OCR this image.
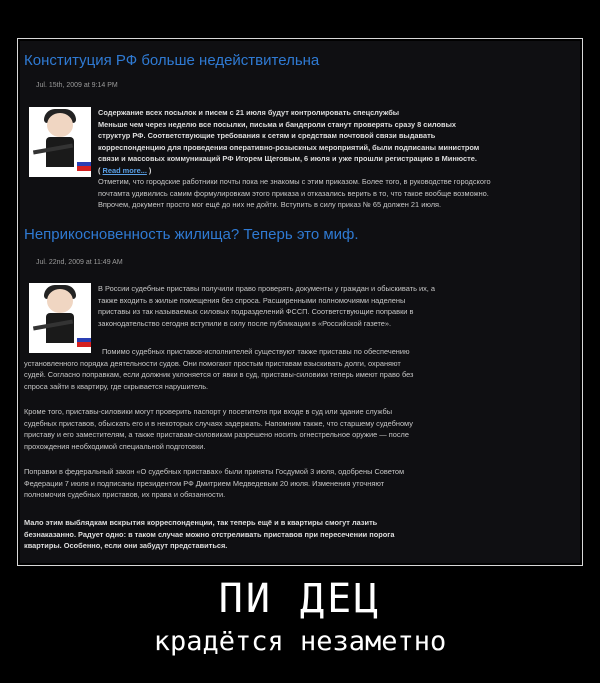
Конституция РФ больше недействительна
Jul. 15th, 2009 at 9:14 PM
Содержание всех посылок и писем с 21 июля будут контролировать спецслужбы
Меньше чем через неделю все посылки, письма и бандероли станут проверять сразу 8 силовых
структур РФ. Соответствующие требования к сетям и средствам почтовой связи выдавать
корреспонденцию для проведения оперативно-розыскных мероприятий, были подписаны министром
связи и массовых коммуникаций РФ Игорем Щеговым, 6 июля и уже прошли регистрацию в Минюсте.
( Read more... )
Отметим, что городские работники почты пока не знакомы с этим приказом. Более того, в руководстве городского
почтамта удивились самим формулировкам этого приказа и отказались верить в то, что такое вообще возможно.
Впрочем, документ просто мог ещё до них не дойти. Вступить в силу приказ № 65 должен 21 июля.
Неприкосновенность жилища? Теперь это миф.
Jul. 22nd, 2009 at 11:49 AM
В России судебные приставы получили право проверять документы у граждан и обыскивать их, а
также входить в жилые помещения без спроса. Расширенными полномочиями наделены
приставы из так называемых силовых подразделений ФССП. Соответствующие поправки в
законодательство сегодня вступили в силу после публикации в «Российской газете».
Помимо судебных приставов-исполнителей существуют также приставы по обеспечению
установленного порядка деятельности судов. Они помогают простым приставам взыскивать долги, охраняют
судей. Согласно поправкам, если должник уклоняется от явки в суд, приставы-силовики теперь имеют право без
спроса зайти в квартиру, где скрывается нарушитель.
Кроме того, приставы-силовики могут проверить паспорт у посетителя при входе в суд или здание службы
судебных приставов, обыскать его и в некоторых случаях задержать. Напомним также, что старшему судебному
приставу и его заместителям, а также приставам-силовикам разрешено носить огнестрельное оружие — после
прохождения необходимой специальной подготовки.
Поправки в федеральный закон «О судебных приставах» были приняты Госдумой 3 июля, одобрены Советом
Федерации 7 июля и подписаны президентом РФ Дмитрием Медведевым 20 июля. Изменения уточняют
полномочия судебных приставов, их права и обязанности.
Мало этим выблядкам вскрытия корреспонденции, так теперь ещё и в квартиры смогут лазить
безнаказанно. Радует одно: в таком случае можно отстреливать приставов при пересечении порога
квартиры. Особенно, если они забудут представиться.
ПИ ДЕЦ
крадётся незаметно
